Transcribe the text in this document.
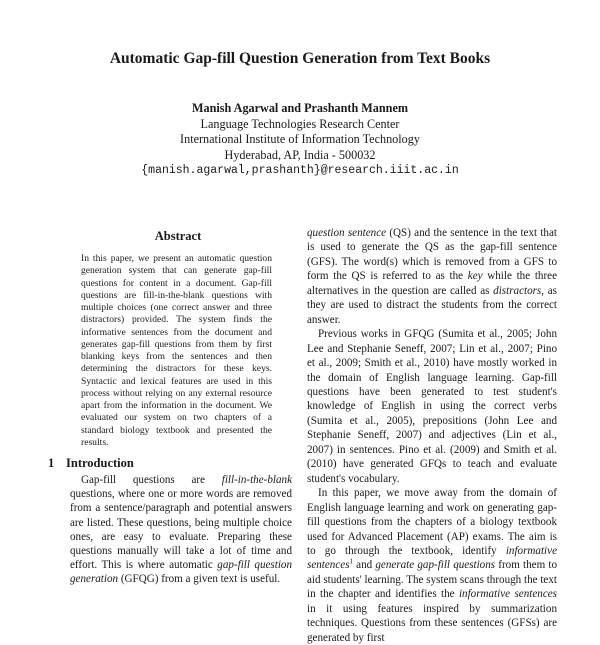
Automatic Gap-fill Question Generation from Text Books
Manish Agarwal and Prashanth Mannem
Language Technologies Research Center
International Institute of Information Technology
Hyderabad, AP, India - 500032
{manish.agarwal,prashanth}@research.iiit.ac.in
Abstract
In this paper, we present an automatic question generation system that can generate gap-fill questions for content in a document. Gap-fill questions are fill-in-the-blank questions with multiple choices (one correct answer and three distractors) provided. The system finds the informative sentences from the document and generates gap-fill questions from them by first blanking keys from the sentences and then determining the distractors for these keys. Syntactic and lexical features are used in this process without relying on any external resource apart from the information in the document. We evaluated our system on two chapters of a standard biology textbook and presented the results.
1 Introduction

Gap-fill questions are fill-in-the-blank questions, where one or more words are removed from a sentence/paragraph and potential answers are listed. These questions, being multiple choice ones, are easy to evaluate. Preparing these questions manually will take a lot of time and effort. This is where automatic gap-fill question generation (GFQG) from a given text is useful.

question sentence (QS) and the sentence in the text that is used to generate the QS as the gap-fill sentence (GFS). The word(s) which is removed from a GFS to form the QS is referred to as the key while the three alternatives in the question are called as distractors, as they are used to distract the students from the correct answer.

Previous works in GFQG (Sumita et al., 2005; John Lee and Stephanie Seneff, 2007; Lin et al., 2007; Pino et al., 2009; Smith et al., 2010) have mostly worked in the domain of English language learning. Gap-fill questions have been generated to test student's knowledge of English in using the correct verbs (Sumita et al., 2005), prepositions (John Lee and Stephanie Seneff, 2007) and adjectives (Lin et al., 2007) in sentences. Pino et al. (2009) and Smith et al. (2010) have generated GFQs to teach and evaluate student's vocabulary.

In this paper, we move away from the domain of English language learning and work on generating gap-fill questions from the chapters of a biology textbook used for Advanced Placement (AP) exams. The aim is to go through the textbook, identify informative sentences$^1$ and generate gap-fill questions from them to aid students' learning. The system scans through the text in the chapter and identifies the informative sentences in it using features inspired by summarization techniques. Questions from these sentences (GFSs) are generated by first
